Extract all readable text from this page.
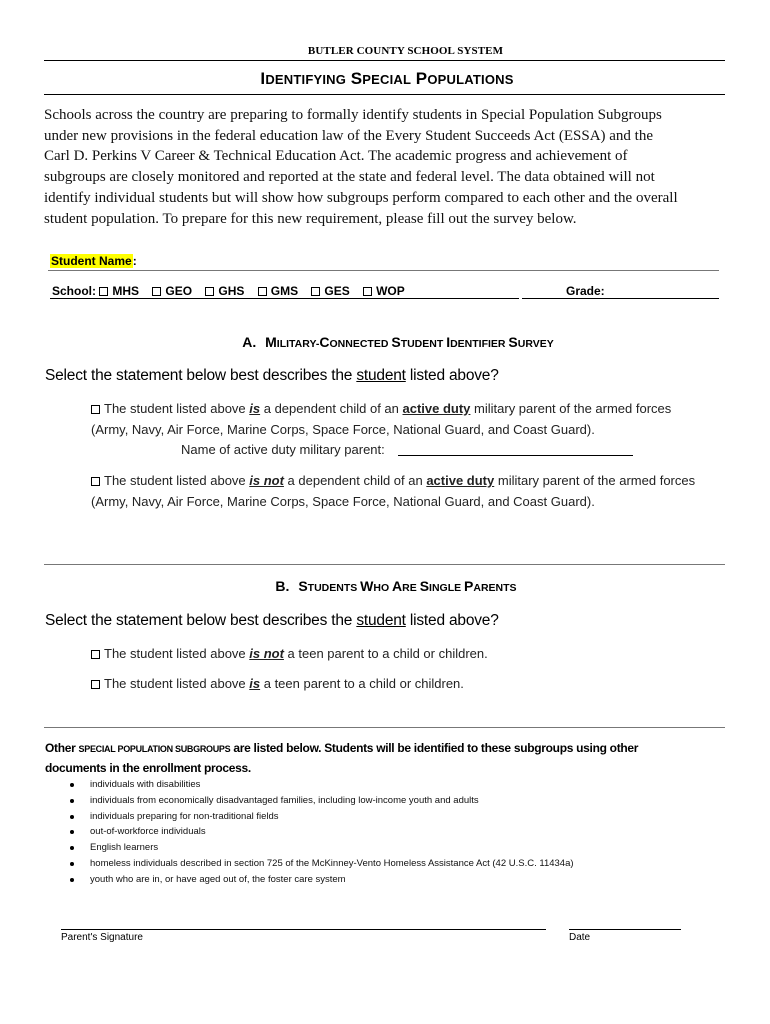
BUTLER COUNTY SCHOOL SYSTEM
IDENTIFYING SPECIAL POPULATIONS
Schools across the country are preparing to formally identify students in Special Population Subgroups
under new provisions in the federal education law of the Every Student Succeeds Act (ESSA) and the
Carl D. Perkins V Career & Technical Education Act. The academic progress and achievement of
subgroups are closely monitored and reported at the state and federal level. The data obtained will not
identify individual students but will show how subgroups perform compared to each other and the overall
student population. To prepare for this new requirement, please fill out the survey below.
Student Name:
School: MHS GEO GHS GMS GES WOP	Grade:
A. MILITARY-CONNECTED STUDENT IDENTIFIER SURVEY
Select the statement below best describes the student listed above?
The student listed above is a dependent child of an active duty military parent of the armed forces
(Army, Navy, Air Force, Marine Corps, Space Force, National Guard, and Coast Guard).
Name of active duty military parent:
The student listed above is not a dependent child of an active duty military parent of the armed forces
(Army, Navy, Air Force, Marine Corps, Space Force, National Guard, and Coast Guard).
B. STUDENTS WHO ARE SINGLE PARENTS
Select the statement below best describes the student listed above?
The student listed above is not a teen parent to a child or children.
The student listed above is a teen parent to a child or children.
Other SPECIAL POPULATION SUBGROUPS are listed below. Students will be identified to these subgroups using other
documents in the enrollment process.
individuals with disabilities
individuals from economically disadvantaged families, including low-income youth and adults
individuals preparing for non-traditional fields
out-of-workforce individuals
English learners
homeless individuals described in section 725 of the McKinney-Vento Homeless Assistance Act (42 U.S.C. 11434a)
youth who are in, or have aged out of, the foster care system
Parent's Signature	Date
